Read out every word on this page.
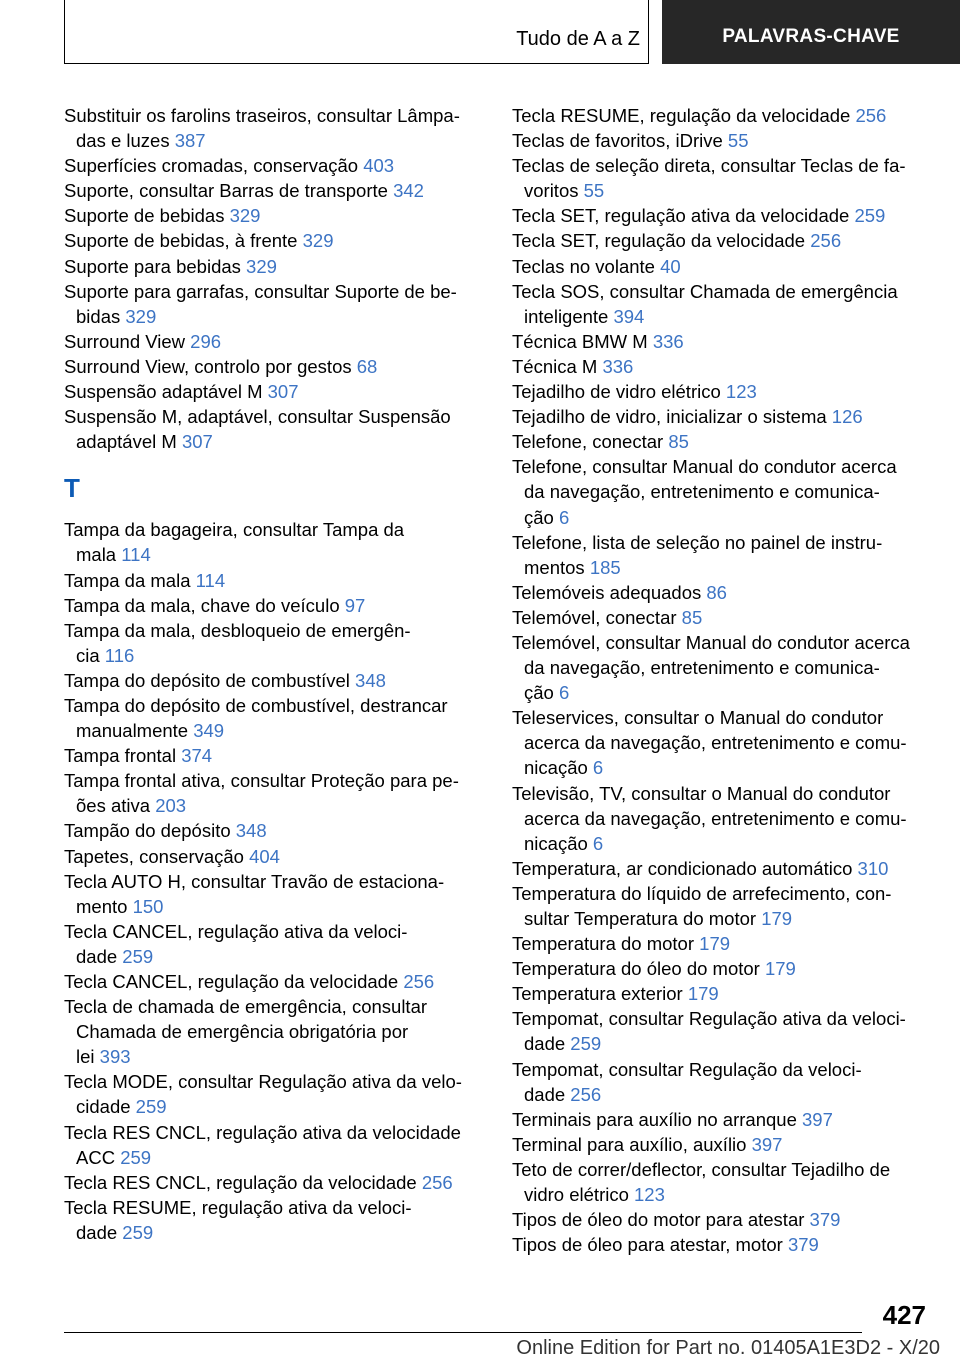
Tudo de A a Z	PALAVRAS-CHAVE
Substituir os farolins traseiros, consultar Lâmpa-
das e luzes 387
Superfícies cromadas, conservação 403
Suporte, consultar Barras de transporte 342
Suporte de bebidas 329
Suporte de bebidas, à frente 329
Suporte para bebidas 329
Suporte para garrafas, consultar Suporte de be-
bidas 329
Surround View 296
Surround View, controlo por gestos 68
Suspensão adaptável M 307
Suspensão M, adaptável, consultar Suspensão
adaptável M 307
T
Tampa da bagageira, consultar Tampa da
mala 114
Tampa da mala 114
Tampa da mala, chave do veículo 97
Tampa da mala, desbloqueio de emergên-
cia 116
Tampa do depósito de combustível 348
Tampa do depósito de combustível, destrancar
manualmente 349
Tampa frontal 374
Tampa frontal ativa, consultar Proteção para pe-
ões ativa 203
Tampão do depósito 348
Tapetes, conservação 404
Tecla AUTO H, consultar Travão de estaciona-
mento 150
Tecla CANCEL, regulação ativa da veloci-
dade 259
Tecla CANCEL, regulação da velocidade 256
Tecla de chamada de emergência, consultar
Chamada de emergência obrigatória por
lei 393
Tecla MODE, consultar Regulação ativa da velo-
cidade 259
Tecla RES CNCL, regulação ativa da velocidade
ACC 259
Tecla RES CNCL, regulação da velocidade 256
Tecla RESUME, regulação ativa da veloci-
dade 259
Tecla RESUME, regulação da velocidade 256
Teclas de favoritos, iDrive 55
Teclas de seleção direta, consultar Teclas de fa-
voritos 55
Tecla SET, regulação ativa da velocidade 259
Tecla SET, regulação da velocidade 256
Teclas no volante 40
Tecla SOS, consultar Chamada de emergência
inteligente 394
Técnica BMW M 336
Técnica M 336
Tejadilho de vidro elétrico 123
Tejadilho de vidro, inicializar o sistema 126
Telefone, conectar 85
Telefone, consultar Manual do condutor acerca
da navegação, entretenimento e comunica-
ção 6
Telefone, lista de seleção no painel de instru-
mentos 185
Telemóveis adequados 86
Telemóvel, conectar 85
Telemóvel, consultar Manual do condutor acerca
da navegação, entretenimento e comunica-
ção 6
Teleservices, consultar o Manual do condutor
acerca da navegação, entretenimento e comu-
nicação 6
Televisão, TV, consultar o Manual do condutor
acerca da navegação, entretenimento e comu-
nicação 6
Temperatura, ar condicionado automático 310
Temperatura do líquido de arrefecimento, con-
sultar Temperatura do motor 179
Temperatura do motor 179
Temperatura do óleo do motor 179
Temperatura exterior 179
Tempomat, consultar Regulação ativa da veloci-
dade 259
Tempomat, consultar Regulação da veloci-
dade 256
Terminais para auxílio no arranque 397
Terminal para auxílio, auxílio 397
Teto de correr/deflector, consultar Tejadilho de
vidro elétrico 123
Tipos de óleo do motor para atestar 379
Tipos de óleo para atestar, motor 379
427
Online Edition for Part no. 01405A1E3D2 - X/20
